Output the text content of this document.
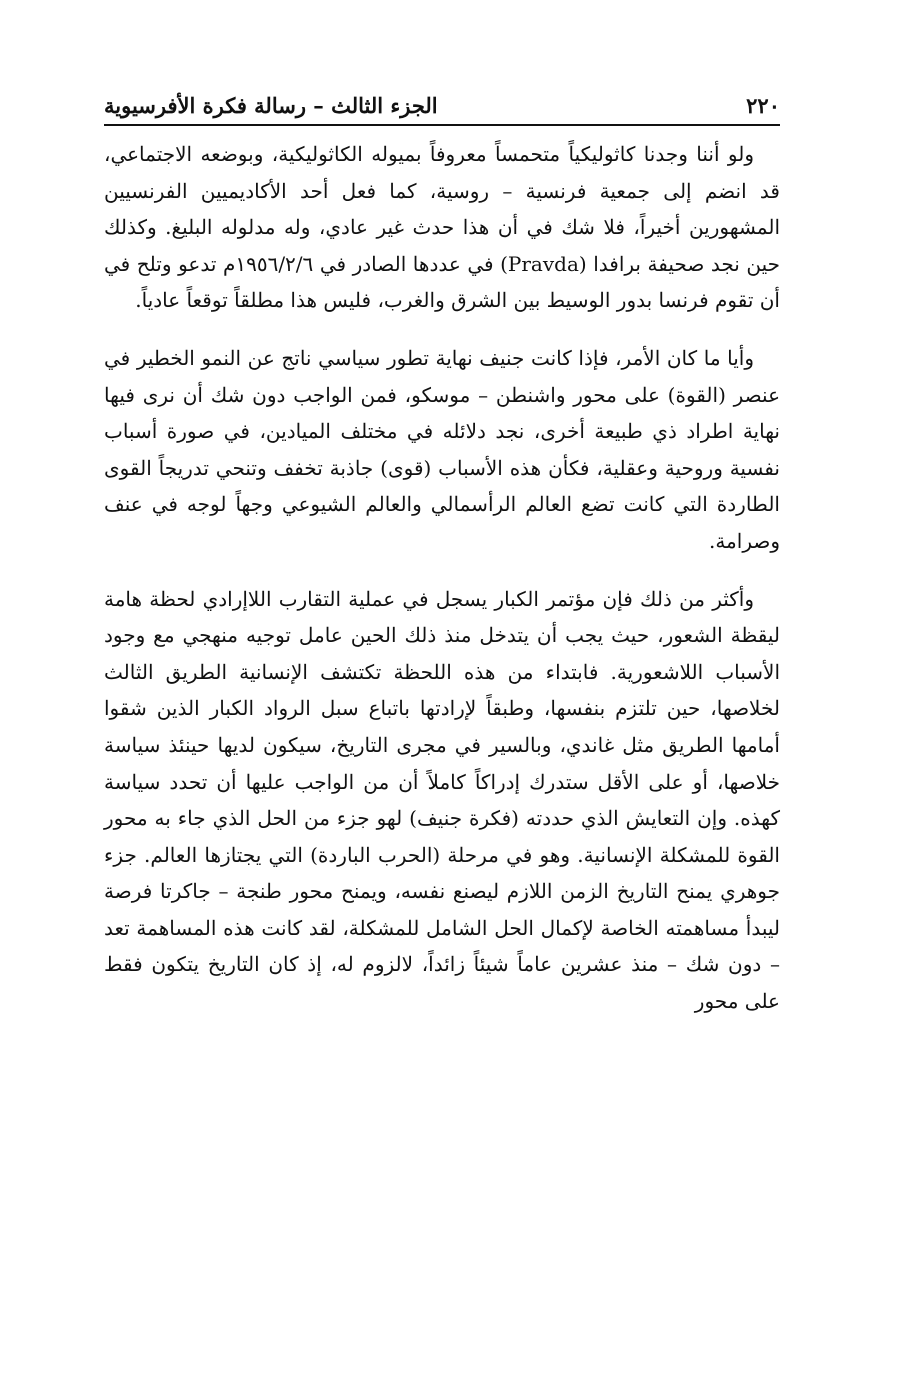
٢٢٠
الجزء الثالث – رسالة فكرة الأفرسيوية

ولو أننا وجدنا كاثوليكياً متحمساً معروفاً بميوله الكاثوليكية، وبوضعه الاجتماعي، قد انضم إلى جمعية فرنسية – روسية، كما فعل أحد الأكاديميين الفرنسيين المشهورين أخيراً، فلا شك في أن هذا حدث غير عادي، وله مدلوله البليغ. وكذلك حين نجد صحيفة برافدا (Pravda) في عددها الصادر في ١٩٥٦/٢/٦م تدعو وتلح في أن تقوم فرنسا بدور الوسيط بين الشرق والغرب، فليس هذا مطلقاً توقعاً عادياً.

وأيا ما كان الأمر، فإذا كانت جنيف نهاية تطور سياسي ناتج عن النمو الخطير في عنصر (القوة) على محور واشنطن – موسكو، فمن الواجب دون شك أن نرى فيها نهاية اطراد ذي طبيعة أخرى، نجد دلائله في مختلف الميادين، في صورة أسباب نفسية وروحية وعقلية، فكأن هذه الأسباب (قوى) جاذبة تخفف وتنحي تدريجاً القوى الطاردة التي كانت تضع العالم الرأسمالي والعالم الشيوعي وجهاً لوجه في عنف وصرامة.

وأكثر من ذلك فإن مؤتمر الكبار يسجل في عملية التقارب اللاإرادي لحظة هامة ليقظة الشعور، حيث يجب أن يتدخل منذ ذلك الحين عامل توجيه منهجي مع وجود الأسباب اللاشعورية. فابتداء من هذه اللحظة تكتشف الإنسانية الطريق الثالث لخلاصها، حين تلتزم بنفسها، وطبقاً لإرادتها باتباع سبل الرواد الكبار الذين شقوا أمامها الطريق مثل غاندي، وبالسير في مجرى التاريخ، سيكون لديها حينئذ سياسة خلاصها، أو على الأقل ستدرك إدراكاً كاملاً أن من الواجب عليها أن تحدد سياسة كهذه. وإن التعايش الذي حددته (فكرة جنيف) لهو جزء من الحل الذي جاء به محور القوة للمشكلة الإنسانية. وهو في مرحلة (الحرب الباردة) التي يجتازها العالم. جزء جوهري يمنح التاريخ الزمن اللازم ليصنع نفسه، ويمنح محور طنجة – جاكرتا فرصة ليبدأ مساهمته الخاصة لإكمال الحل الشامل للمشكلة، لقد كانت هذه المساهمة تعد – دون شك – منذ عشرين عاماً شيئاً زائداً، لالزوم له، إذ كان التاريخ يتكون فقط على محور
